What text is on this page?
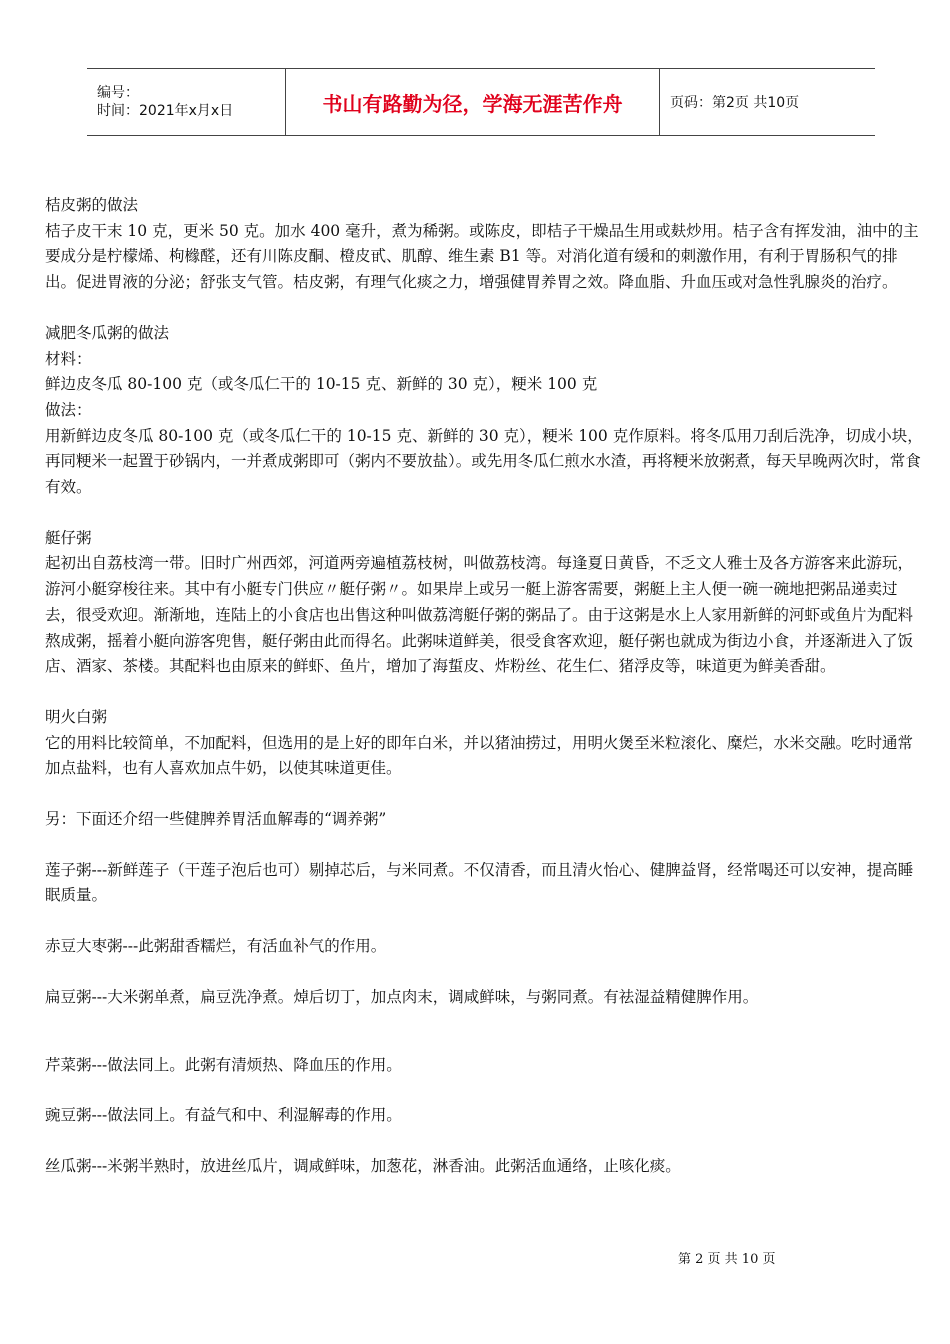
编号：
时间：2021年x月x日	书山有路勤为径，学海无涯苦作舟	页码：第2页 共10页

桔皮粥的做法

桔子皮干末 10 克，更米 50 克。加水 400 毫升，煮为稀粥。或陈皮，即桔子干燥品生用或麸炒用。桔子含有挥发油，油中的主要成分是柠檬烯、枸橼醛，还有川陈皮酮、橙皮甙、肌醇、维生素 B1 等。对消化道有缓和的刺激作用，有利于胃肠积气的排出。促进胃液的分泌；舒张支气管。桔皮粥，有理气化痰之力，增强健胃养胃之效。降血脂、升血压或对急性乳腺炎的治疗。

减肥冬瓜粥的做法

材料：

鲜边皮冬瓜 80-100 克（或冬瓜仁干的 10-15 克、新鲜的 30 克），粳米 100 克

做法：

用新鲜边皮冬瓜 80-100 克（或冬瓜仁干的 10-15 克、新鲜的 30 克），粳米 100 克作原料。将冬瓜用刀刮后洗净，切成小块，再同粳米一起置于砂锅内，一并煮成粥即可（粥内不要放盐）。或先用冬瓜仁煎水水渣，再将粳米放粥煮，每天早晚两次时，常食有效。

艇仔粥

起初出自荔枝湾一带。旧时广州西郊，河道两旁遍植荔枝树，叫做荔枝湾。每逢夏日黄昏，不乏文人雅士及各方游客来此游玩，游河小艇穿梭往来。其中有小艇专门供应〃艇仔粥〃。如果岸上或另一艇上游客需要，粥艇上主人便一碗一碗地把粥品递卖过去，很受欢迎。渐渐地，连陆上的小食店也出售这种叫做荔湾艇仔粥的粥品了。由于这粥是水上人家用新鲜的河虾或鱼片为配料熬成粥，摇着小艇向游客兜售，艇仔粥由此而得名。此粥味道鲜美，很受食客欢迎，艇仔粥也就成为街边小食，并逐渐进入了饭店、酒家、茶楼。其配料也由原来的鲜虾、鱼片，增加了海蜇皮、炸粉丝、花生仁、猪浮皮等，味道更为鲜美香甜。

明火白粥

它的用料比较简单，不加配料，但选用的是上好的即年白米，并以猪油捞过，用明火煲至米粒滚化、糜烂，水米交融。吃时通常加点盐料，也有人喜欢加点牛奶，以使其味道更佳。

另：下面还介绍一些健脾养胃活血解毒的“调养粥”

莲子粥---新鲜莲子（干莲子泡后也可）剔掉芯后，与米同煮。不仅清香，而且清火怡心、健脾益肾，经常喝还可以安神，提高睡眠质量。

赤豆大枣粥---此粥甜香糯烂，有活血补气的作用。

扁豆粥---大米粥单煮，扁豆洗净煮。焯后切丁，加点肉末，调咸鲜味，与粥同煮。有祛湿益精健脾作用。

芹菜粥---做法同上。此粥有清烦热、降血压的作用。

豌豆粥---做法同上。有益气和中、利湿解毒的作用。

丝瓜粥---米粥半熟时，放进丝瓜片，调咸鲜味，加葱花，淋香油。此粥活血通络，止咳化痰。

第 2 页 共 10 页
